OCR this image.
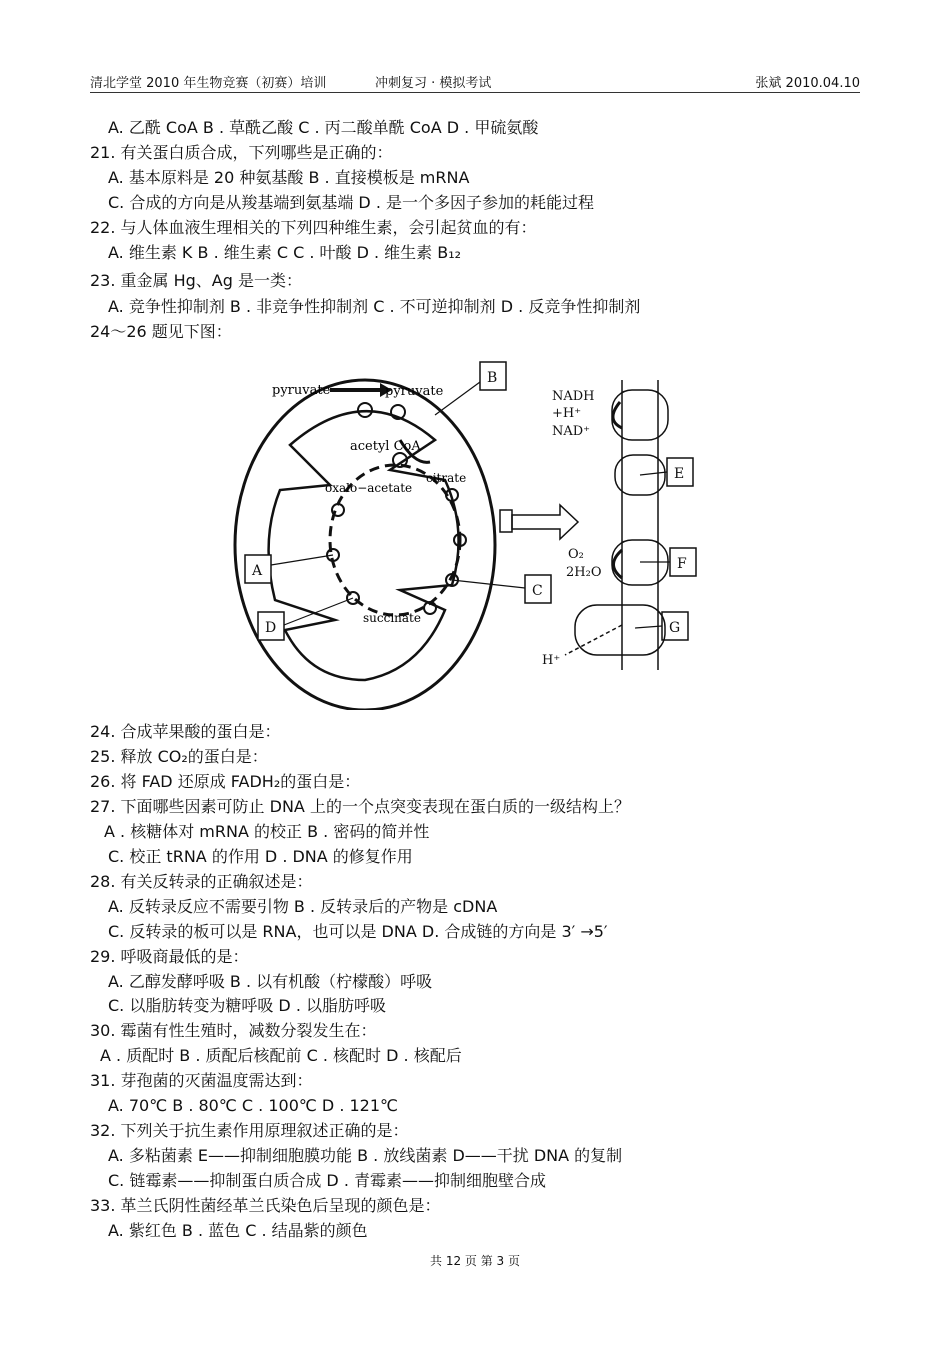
清北学堂 2010 年生物竞赛（初赛）培训	冲刺复习 · 模拟考试	张斌 2010.04.10
A. 乙酰 CoA B . 草酰乙酸 C . 丙二酸单酰 CoA D . 甲硫氨酸
21. 有关蛋白质合成，下列哪些是正确的：
A. 基本原料是 20 种氨基酸 B . 直接模板是 mRNA
C. 合成的方向是从羧基端到氨基端 D . 是一个多因子参加的耗能过程
22. 与人体血液生理相关的下列四种维生素，会引起贫血的有：
A. 维生素 K B . 维生素 C C . 叶酸 D . 维生素 B₁₂
23. 重金属 Hg、Ag 是一类：
A. 竞争性抑制剂 B . 非竞争性抑制剂 C . 不可逆抑制剂 D . 反竞争性抑制剂
24～26 题见下图：
pyruvate	pyruvate
acetyl CoA
oxalo−acetate
citrate
succinate
B
A
C
D
E
F
G
NADH
+H⁺
NAD⁺
O₂
2H₂O
H⁺
24. 合成苹果酸的蛋白是：
25. 释放 CO₂的蛋白是：
26. 将 FAD 还原成 FADH₂的蛋白是：
27. 下面哪些因素可防止 DNA 上的一个点突变表现在蛋白质的一级结构上？
A . 核糖体对 mRNA 的校正 B . 密码的简并性
C. 校正 tRNA 的作用 D . DNA 的修复作用
28. 有关反转录的正确叙述是：
A. 反转录反应不需要引物 B . 反转录后的产物是 cDNA
C. 反转录的板可以是 RNA，也可以是 DNA D. 合成链的方向是 3′ →5′
29. 呼吸商最低的是：
A. 乙醇发酵呼吸 B . 以有机酸（柠檬酸）呼吸
C. 以脂肪转变为糖呼吸 D . 以脂肪呼吸
30. 霉菌有性生殖时，减数分裂发生在：
A . 质配时 B . 质配后核配前 C . 核配时 D . 核配后
31. 芽孢菌的灭菌温度需达到：
A. 70℃ B . 80℃ C . 100℃ D . 121℃
32. 下列关于抗生素作用原理叙述正确的是：
A. 多粘菌素 E——抑制细胞膜功能 B . 放线菌素 D——干扰 DNA 的复制
C. 链霉素——抑制蛋白质合成 D . 青霉素——抑制细胞壁合成
33. 革兰氏阴性菌经革兰氏染色后呈现的颜色是：
A. 紫红色 B . 蓝色 C . 结晶紫的颜色
共 12 页 第 3 页
